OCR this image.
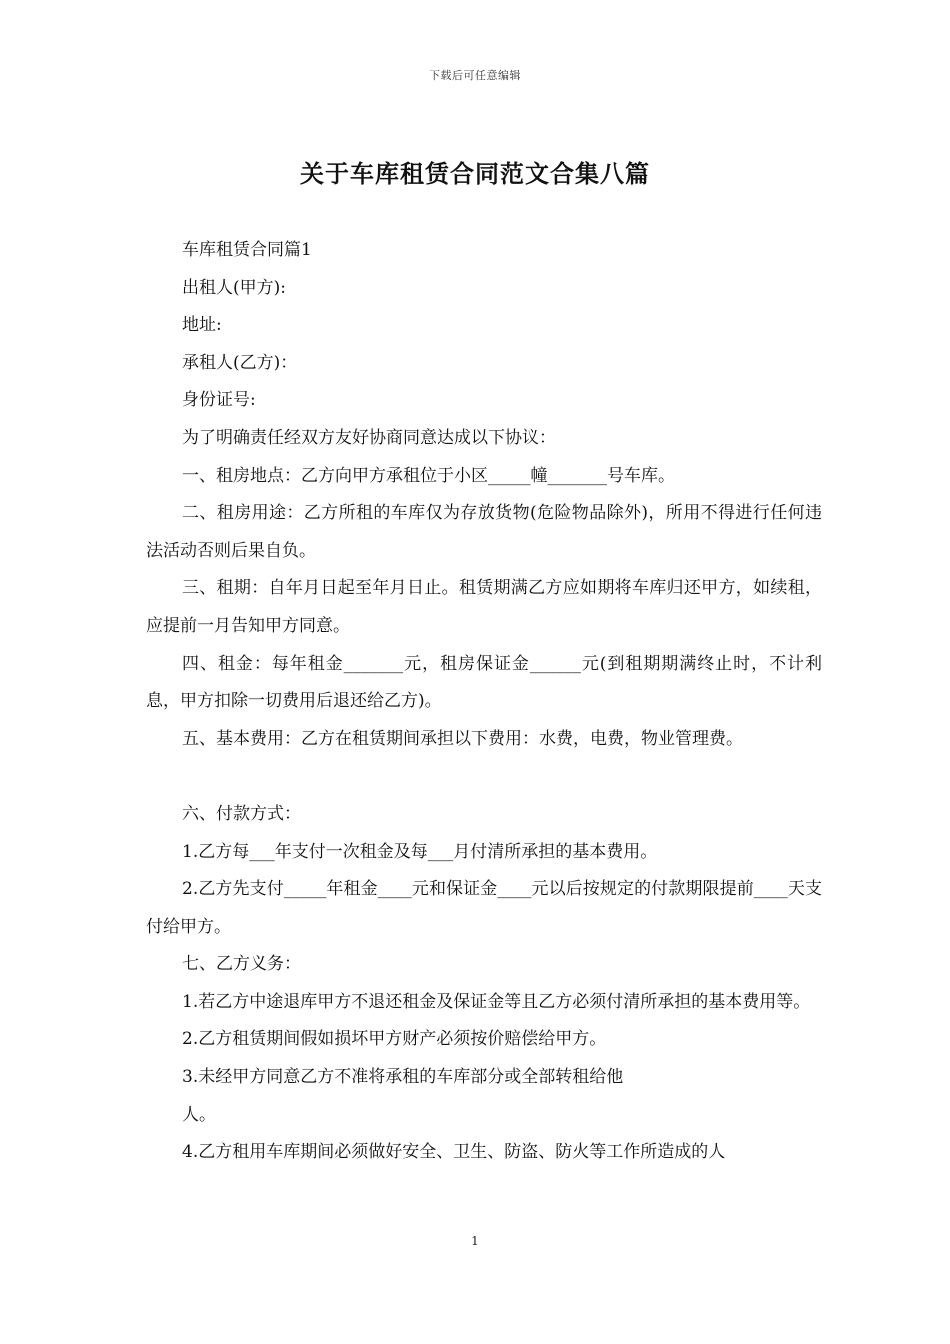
下载后可任意编辑
关于车库租赁合同范文合集八篇

车库租赁合同篇1

出租人(甲方):

地址:

承租人(乙方)：

身份证号:

为了明确责任经双方友好协商同意达成以下协议：

一、租房地点：乙方向甲方承租位于小区_____幢_______号车库。

二、租房用途：乙方所租的车库仅为存放货物(危险物品除外)，所用不得进行任何违法活动否则后果自负。

三、租期：自年月日起至年月日止。租赁期满乙方应如期将车库归还甲方，如续租，应提前一月告知甲方同意。

四、租金：每年租金_______元，租房保证金______元(到租期期满终止时，不计利息，甲方扣除一切费用后退还给乙方)。

五、基本费用：乙方在租赁期间承担以下费用：水费，电费，物业管理费。

六、付款方式：

1.乙方每___年支付一次租金及每___月付清所承担的基本费用。

2.乙方先支付_____年租金____元和保证金____元以后按规定的付款期限提前____天支付给甲方。

七、乙方义务：

1.若乙方中途退库甲方不退还租金及保证金等且乙方必须付清所承担的基本费用等。

2.乙方租赁期间假如损坏甲方财产必须按价赔偿给甲方。

3.未经甲方同意乙方不准将承租的车库部分或全部转租给他

人。

4.乙方租用车库期间必须做好安全、卫生、防盗、防火等工作所造成的人

1
